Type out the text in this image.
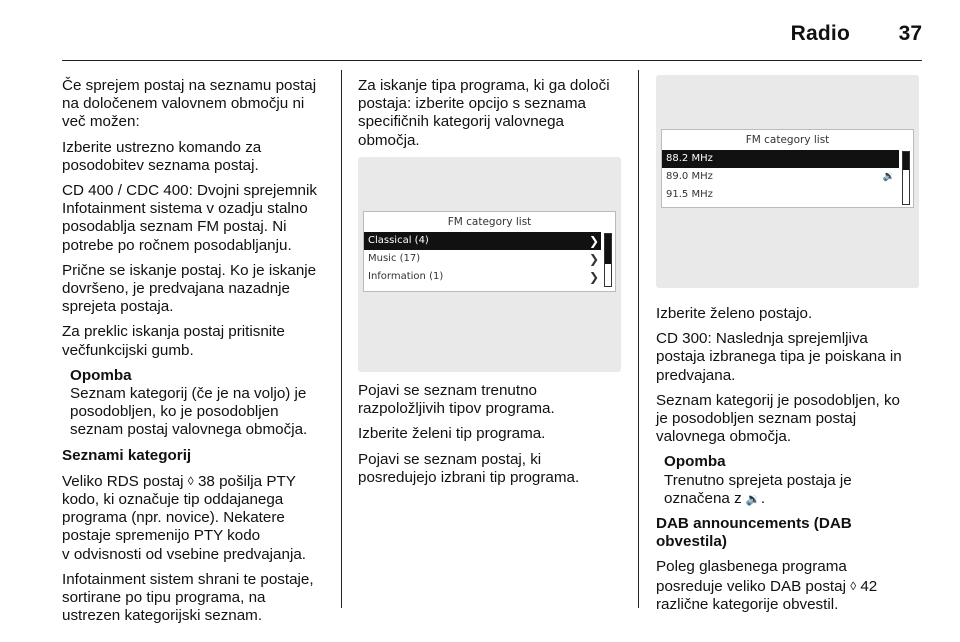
Radio	37

Če sprejem postaj na seznamu postaj
na določenem valovnem območju ni
več možen:

Izberite ustrezno komando za
posodobitev seznama postaj.

CD 400 / CDC 400: Dvojni sprejemnik
Infotainment sistema v ozadju stalno
posodablja seznam FM postaj. Ni
potrebe po ročnem posodabljanju.

Prične se iskanje postaj. Ko je iskanje
dovršeno, je predvajana nazadnje
sprejeta postaja.

Za preklic iskanja postaj pritisnite
večfunkcijski gumb.

Opomba
Seznam kategorij (če je na voljo) je
posodobljen, ko je posodobljen
seznam postaj valovnega območja.

Seznami kategorij

Veliko RDS postaj ◊ 38 pošilja PTY
kodo, ki označuje tip oddajanega
programa (npr. novice). Nekatere
postaje spremenijo PTY kodo
v odvisnosti od vsebine predvajanja.

Infotainment sistem shrani te postaje,
sortirane po tipu programa, na
ustrezen kategorijski seznam.

Za iskanje tipa programa, ki ga določi
postaja: izberite opcijo s seznama
specifičnih kategorij valovnega
območja.

FM category list
Classical (4)	❯
Music (17)	❯
Information (1)	❯

Pojavi se seznam trenutno
razpoložljivih tipov programa.

Izberite želeni tip programa.

Pojavi se seznam postaj, ki
posredujejo izbrani tip programa.

FM category list
88.2 MHz
89.0 MHz	🔉
91.5 MHz

Izberite želeno postajo.

CD 300: Naslednja sprejemljiva
postaja izbranega tipa je poiskana in
predvajana.

Seznam kategorij je posodobljen, ko
je posodobljen seznam postaj
valovnega območja.

Opomba
Trenutno sprejeta postaja je
označena z 🔉.

DAB announcements (DAB
obvestila)

Poleg glasbenega programa
posreduje veliko DAB postaj ◊ 42
različne kategorije obvestil.
